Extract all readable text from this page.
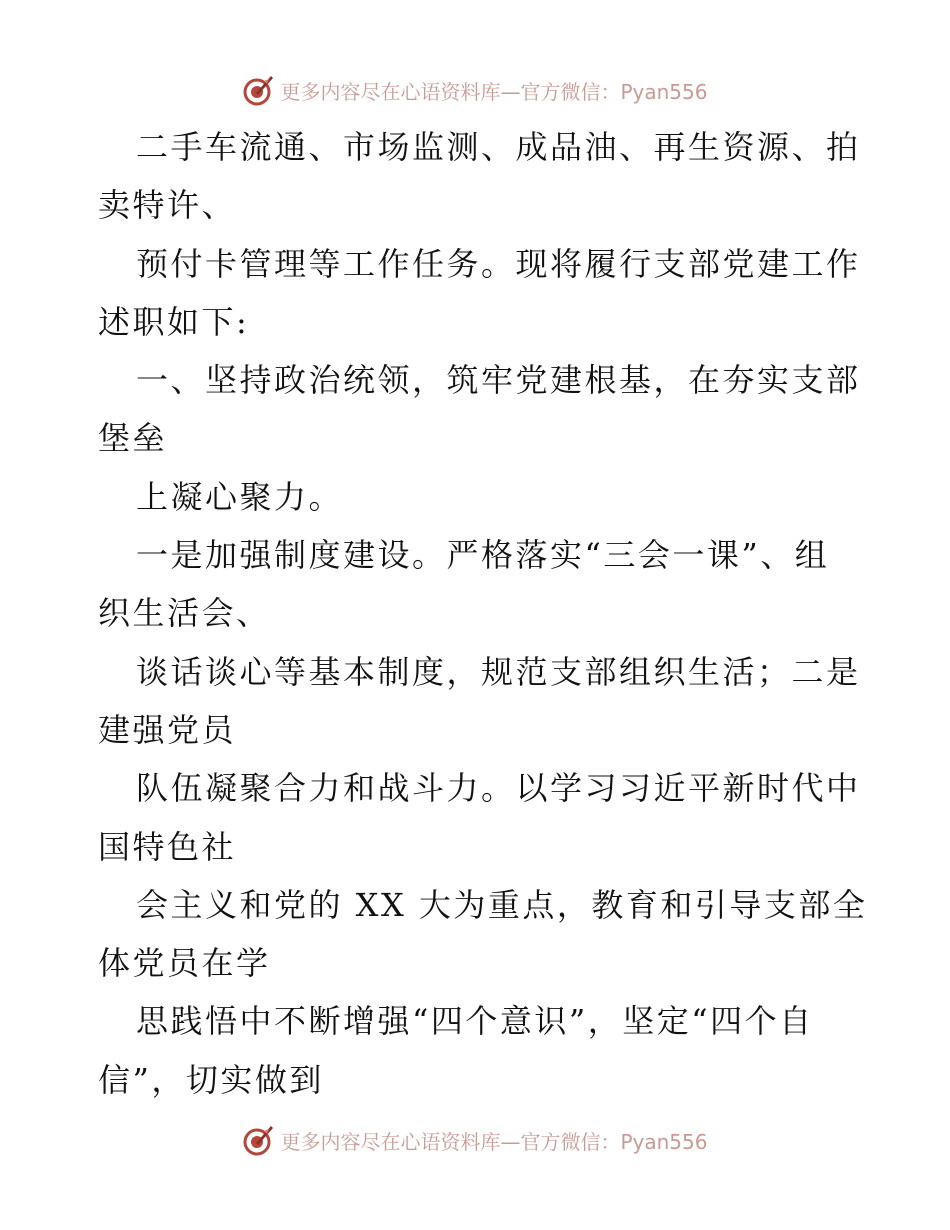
更多内容尽在心语资料库—官方微信：Pyan556
二手车流通、市场监测、成品油、再生资源、拍
卖特许、
预付卡管理等工作任务。现将履行支部党建工作
述职如下:
一、坚持政治统领，筑牢党建根基，在夯实支部
堡垒
上凝心聚力。
一是加强制度建设。严格落实“三会一课”、组
织生活会、
谈话谈心等基本制度，规范支部组织生活；二是
建强党员
队伍凝聚合力和战斗力。以学习习近平新时代中
国特色社
会主义和党的 XX 大为重点，教育和引导支部全
体党员在学
思践悟中不断增强“四个意识”，坚定“四个自
信”，切实做到
更多内容尽在心语资料库—官方微信：Pyan556
